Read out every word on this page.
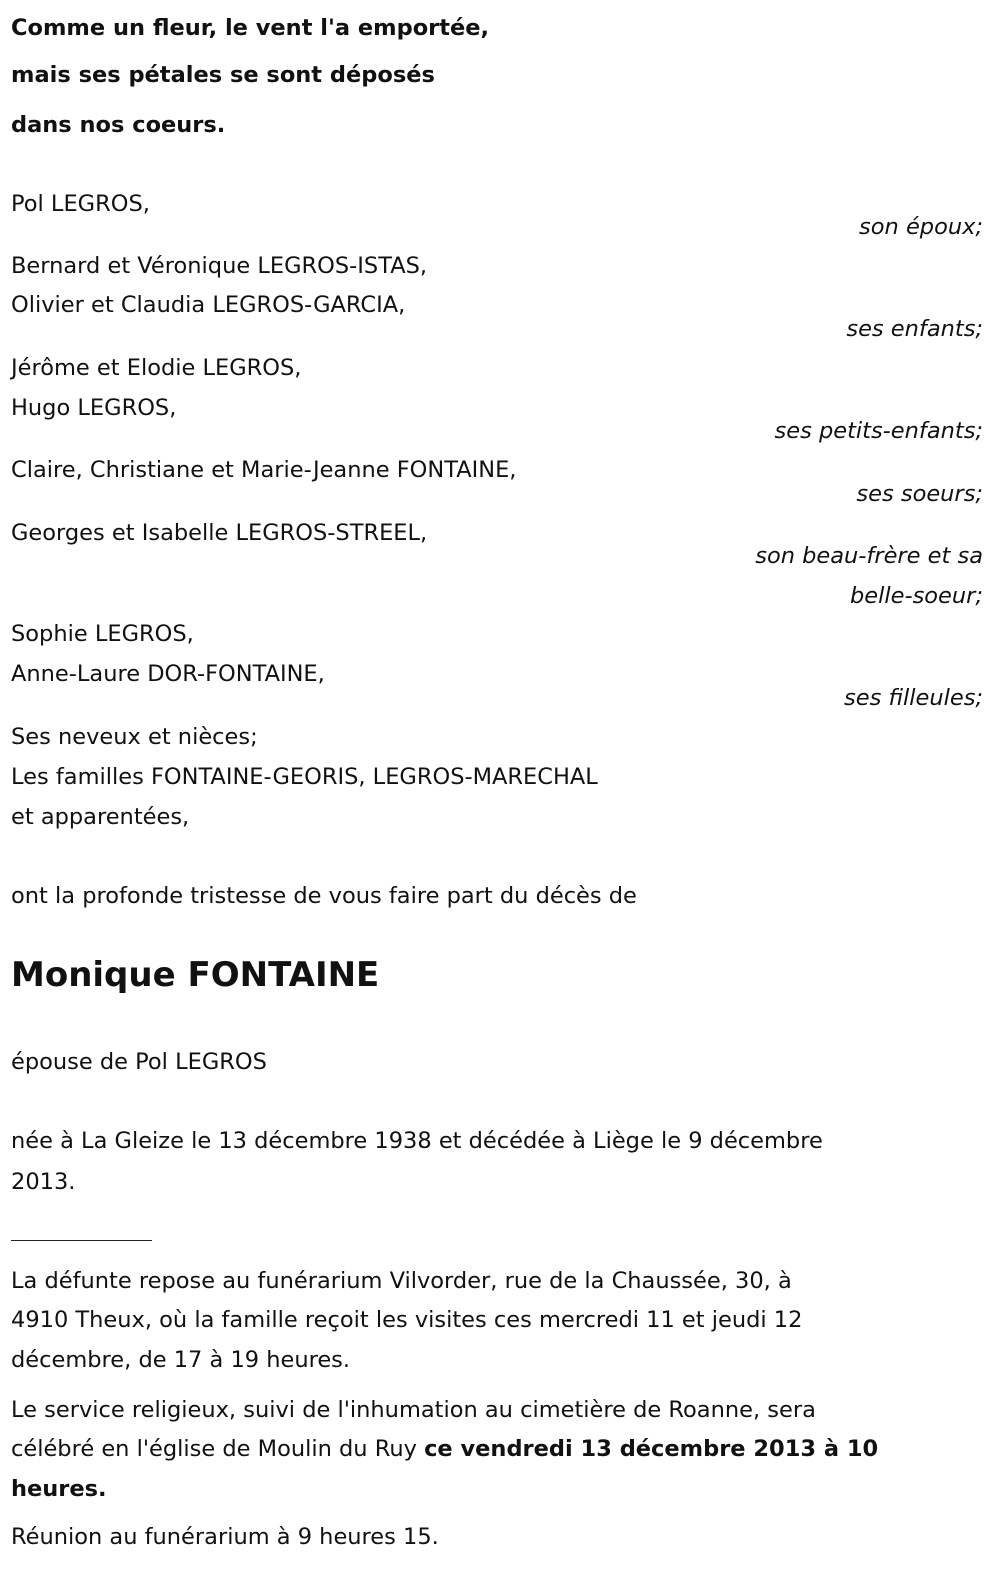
Comme un fleur, le vent l'a emportée,
mais ses pétales se sont déposés
dans nos coeurs.
Pol LEGROS,
son époux;
Bernard et Véronique LEGROS-ISTAS,
Olivier et Claudia LEGROS-GARCIA,
ses enfants;
Jérôme et Elodie LEGROS,
Hugo LEGROS,
ses petits-enfants;
Claire, Christiane et Marie-Jeanne FONTAINE,
ses soeurs;
Georges et Isabelle LEGROS-STREEL,
son beau-frère et sa
belle-soeur;
Sophie LEGROS,
Anne-Laure DOR-FONTAINE,
ses filleules;
Ses neveux et nièces;
Les familles FONTAINE-GEORIS, LEGROS-MARECHAL
et apparentées,
ont la profonde tristesse de vous faire part du décès de
Monique FONTAINE
épouse de Pol LEGROS
née à La Gleize le 13 décembre 1938 et décédée à Liège le 9 décembre
2013.
La défunte repose au funérarium Vilvorder, rue de la Chaussée, 30, à
4910 Theux, où la famille reçoit les visites ces mercredi 11 et jeudi 12
décembre, de 17 à 19 heures.
Le service religieux, suivi de l'inhumation au cimetière de Roanne, sera
célébré en l'église de Moulin du Ruy ce vendredi 13 décembre 2013 à 10
heures.
Réunion au funérarium à 9 heures 15.
